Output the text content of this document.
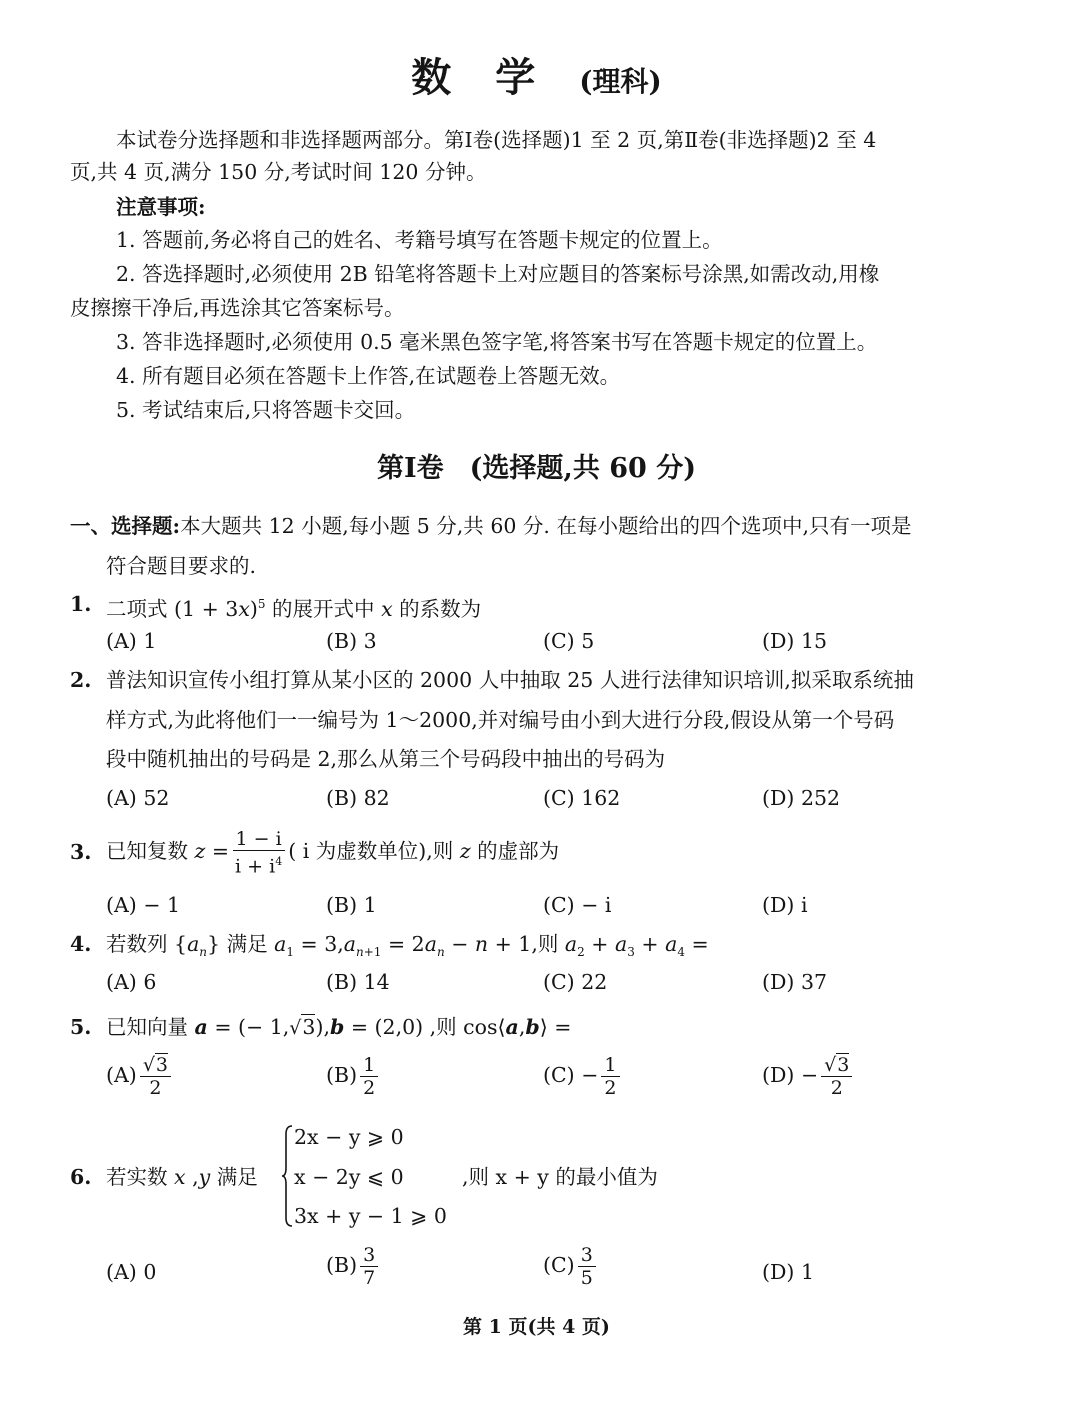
数学(理科)
本试卷分选择题和非选择题两部分。第Ⅰ卷(选择题)1 至 2 页,第Ⅱ卷(非选择题)2 至 4
页,共 4 页,满分 150 分,考试时间 120 分钟。
注意事项:
1. 答题前,务必将自己的姓名、考籍号填写在答题卡规定的位置上。
2. 答选择题时,必须使用 2B 铅笔将答题卡上对应题目的答案标号涂黑,如需改动,用橡
皮擦擦干净后,再选涂其它答案标号。
3. 答非选择题时,必须使用 0.5 毫米黑色签字笔,将答案书写在答题卡规定的位置上。
4. 所有题目必须在答题卡上作答,在试题卷上答题无效。
5. 考试结束后,只将答题卡交回。
第Ⅰ卷 (选择题,共 60 分)
一、选择题:本大题共 12 小题,每小题 5 分,共 60 分. 在每小题给出的四个选项中,只有一项是
符合题目要求的.
1. 二项式 $(1 + 3x)^5$ 的展开式中 x 的系数为
(A) 1	(B) 3	(C) 5	(D) 15
2. 普法知识宣传小组打算从某小区的 2000 人中抽取 25 人进行法律知识培训,拟采取系统抽
样方式,为此将他们一一编号为 1～2000,并对编号由小到大进行分段,假设从第一个号码
段中随机抽出的号码是 2,那么从第三个号码段中抽出的号码为
(A) 52	(B) 82	(C) 162	(D) 252
3. 已知复数 $z = \frac{1 - i}{i + i^4}$ ( i 为虚数单位),则 z 的虚部为
(A) − 1	(B) 1	(C) − i	(D) i
4. 若数列 $\{a_n\}$ 满足 $a_1 = 3,a_{n+1} = 2a_n - n + 1$,则 $a_2 + a_3 + a_4$ =
(A) 6	(B) 14	(C) 22	(D) 37
5. 已知向量 a = (− 1,√3),b = (2,0) ,则 cos⟨a,b⟩ =
$(A) \frac{√3}{2}$	$(B) \frac{1}{2}$	$(C) - \frac{1}{2}$	$(D) - \frac{√3}{2}$
6. 若实数 x ,y 满足
2x − y ⩾ 0
x − 2y ⩽ 0
3x + y − 1 ⩾ 0
,则 x + y 的最小值为
(A) 0	$(B) \frac{3}{7}$	$(C) \frac{3}{5}$	(D) 1
第 1 页(共 4 页)
